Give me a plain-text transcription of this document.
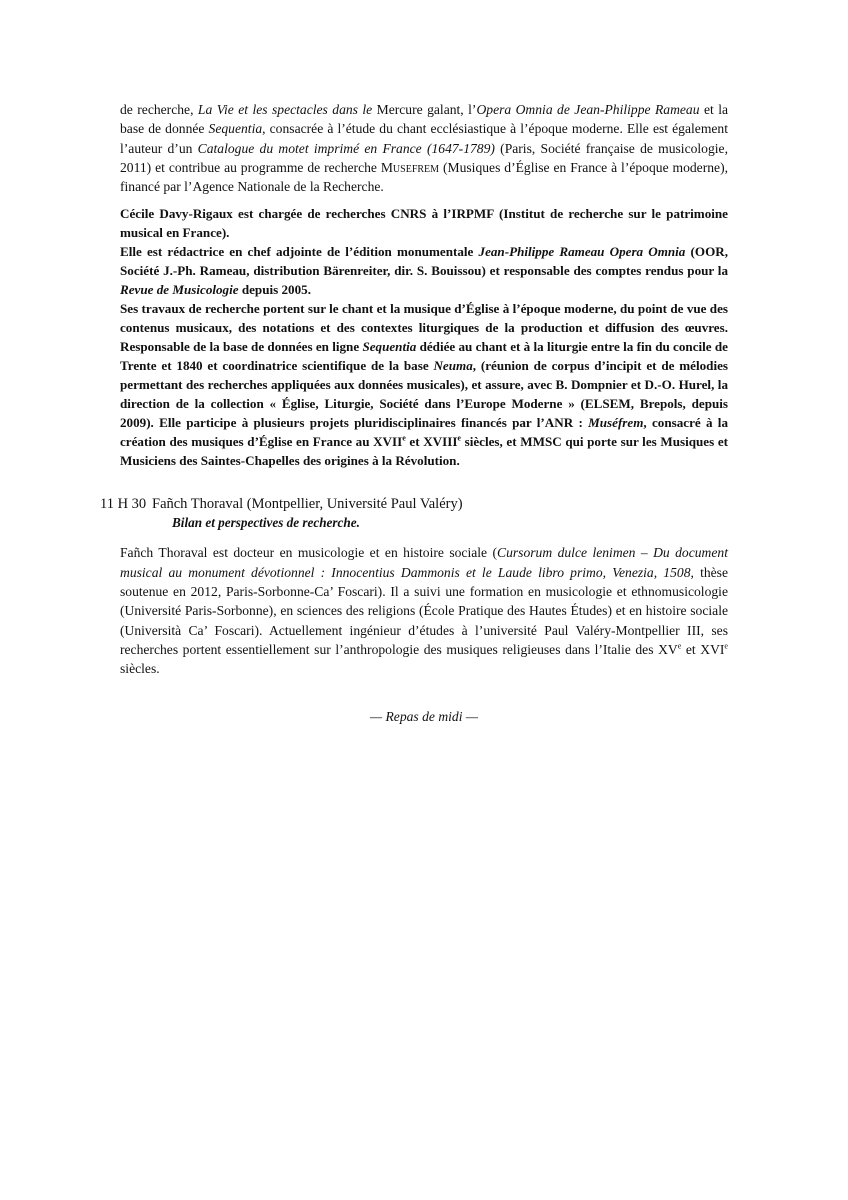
de recherche, La Vie et les spectacles dans le Mercure galant, l’Opera Omnia de Jean-Philippe Rameau et la base de donnée Sequentia, consacrée à l’étude du chant ecclésiastique à l’époque moderne. Elle est également l’auteur d’un Catalogue du motet imprimé en France (1647-1789) (Paris, Société française de musicologie, 2011) et contribue au programme de recherche Musefrem (Musiques d’Église en France à l’époque moderne), financé par l’Agence Nationale de la Recherche.

Cécile Davy-Rigaux est chargée de recherches CNRS à l’IRPMF (Institut de recherche sur le patrimoine musical en France).

Elle est rédactrice en chef adjointe de l’édition monumentale Jean-Philippe Rameau Opera Omnia (OOR, Société J.-Ph. Rameau, distribution Bärenreiter, dir. S. Bouissou) et responsable des comptes rendus pour la Revue de Musicologie depuis 2005.

Ses travaux de recherche portent sur le chant et la musique d’Église à l’époque moderne, du point de vue des contenus musicaux, des notations et des contextes liturgiques de la production et diffusion des œuvres. Responsable de la base de données en ligne Sequentia dédiée au chant et à la liturgie entre la fin du concile de Trente et 1840 et coordinatrice scientifique de la base Neuma, (réunion de corpus d’incipit et de mélodies permettant des recherches appliquées aux données musicales), et assure, avec B. Dompnier et D.-O. Hurel, la direction de la collection « Église, Liturgie, Société dans l’Europe Moderne » (ELSEM, Brepols, depuis 2009). Elle participe à plusieurs projets pluridisciplinaires financés par l’ANR : Muséfrem, consacré à la création des musiques d’Église en France au XVIIe et XVIIIe siècles, et MMSC qui porte sur les Musiques et Musiciens des Saintes-Chapelles des origines à la Révolution.

11 H 30 Fañch Thoraval (Montpellier, Université Paul Valéry)
Bilan et perspectives de recherche.

Fañch Thoraval est docteur en musicologie et en histoire sociale (Cursorum dulce lenimen – Du document musical au monument dévotionnel : Innocentius Dammonis et le Laude libro primo, Venezia, 1508, thèse soutenue en 2012, Paris-Sorbonne-Ca’ Foscari). Il a suivi une formation en musicologie et ethnomusicologie (Université Paris-Sorbonne), en sciences des religions (École Pratique des Hautes Études) et en histoire sociale (Università Ca’ Foscari). Actuellement ingénieur d’études à l’université Paul Valéry-Montpellier III, ses recherches portent essentiellement sur l’anthropologie des musiques religieuses dans l’Italie des XVe et XVIe siècles.

— Repas de midi —
